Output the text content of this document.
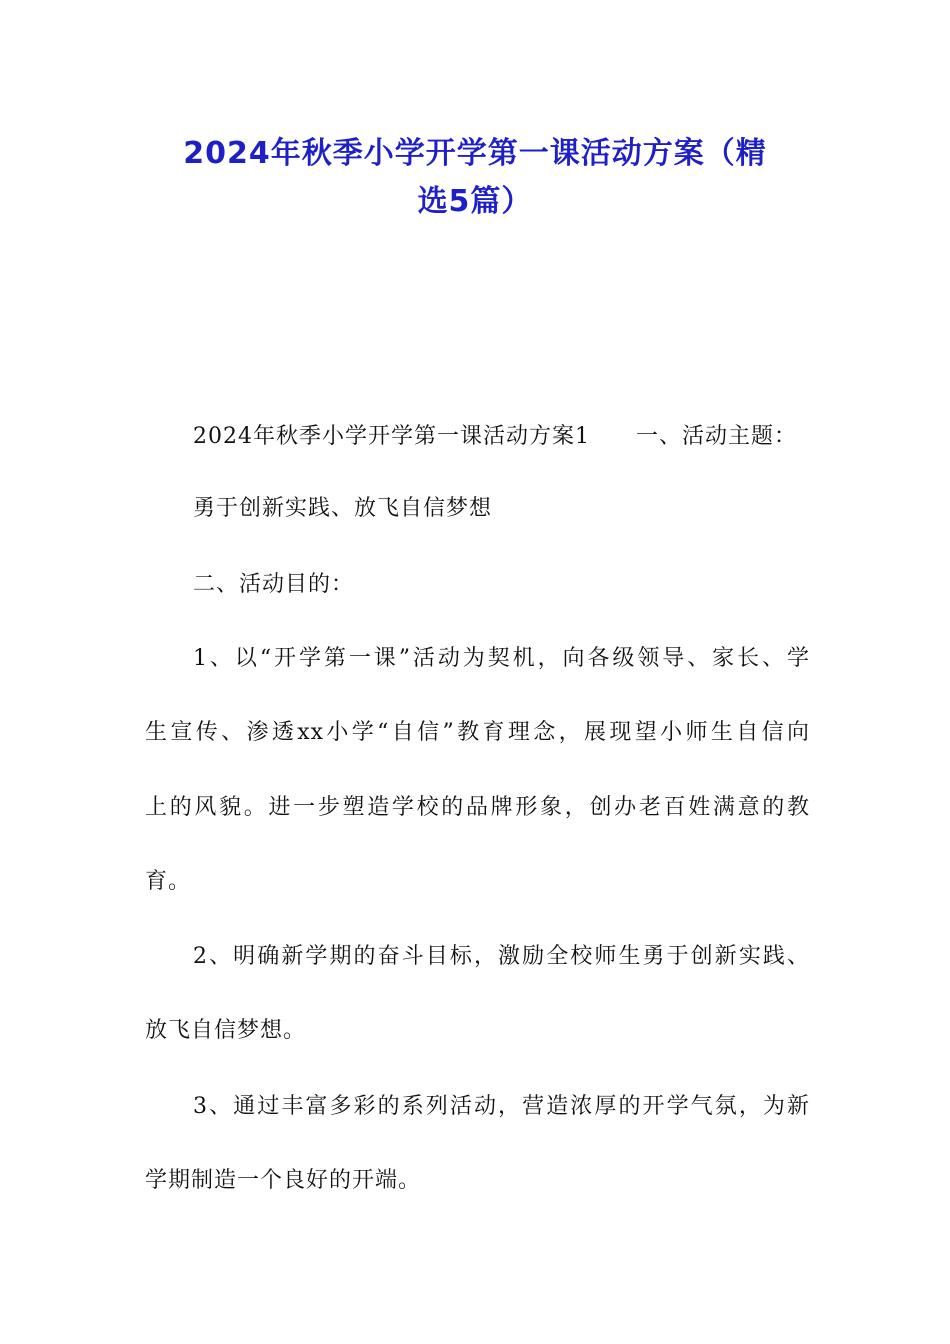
2024年秋季小学开学第一课活动方案（精
选5篇）
2024年秋季小学开学第一课活动方案1 一、活动主题：
勇于创新实践、放飞自信梦想
二、活动目的：
1、以“开学第一课”活动为契机，向各级领导、家长、学
生宣传、渗透xx小学“自信”教育理念，展现望小师生自信向
上的风貌。进一步塑造学校的品牌形象，创办老百姓满意的教
育。
2、明确新学期的奋斗目标，激励全校师生勇于创新实践、
放飞自信梦想。
3、通过丰富多彩的系列活动，营造浓厚的开学气氛，为新
学期制造一个良好的开端。
